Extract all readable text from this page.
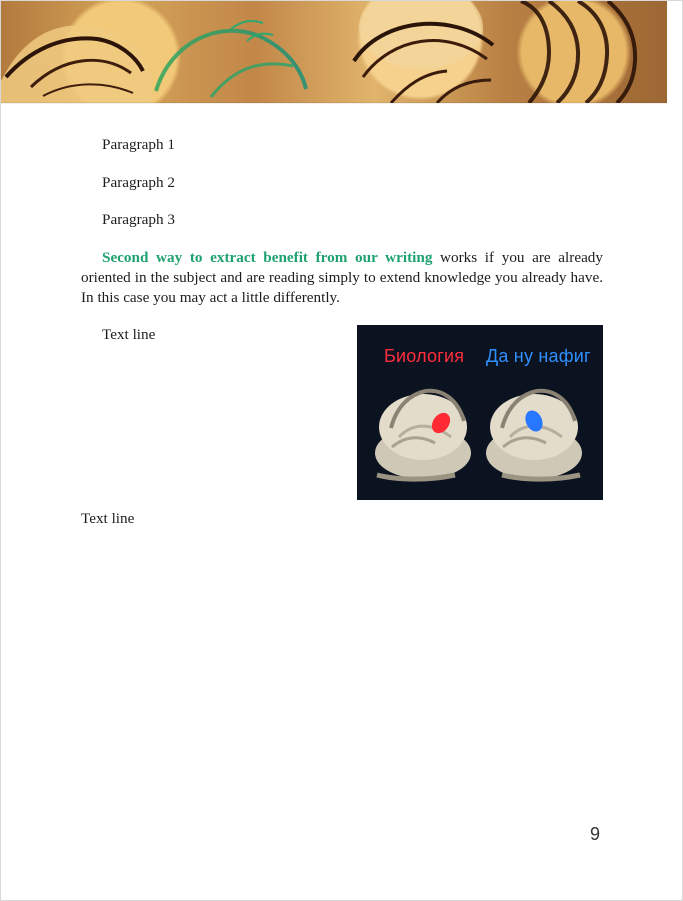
Paragraph 1

Paragraph 2

Paragraph 3

Second way to extract benefit from our writing works if you are already oriented in the subject and are reading simply to extend knowledge you already have. In this case you may act a little differently.

Text line

Биология Да ну нафиг

Text line

9
